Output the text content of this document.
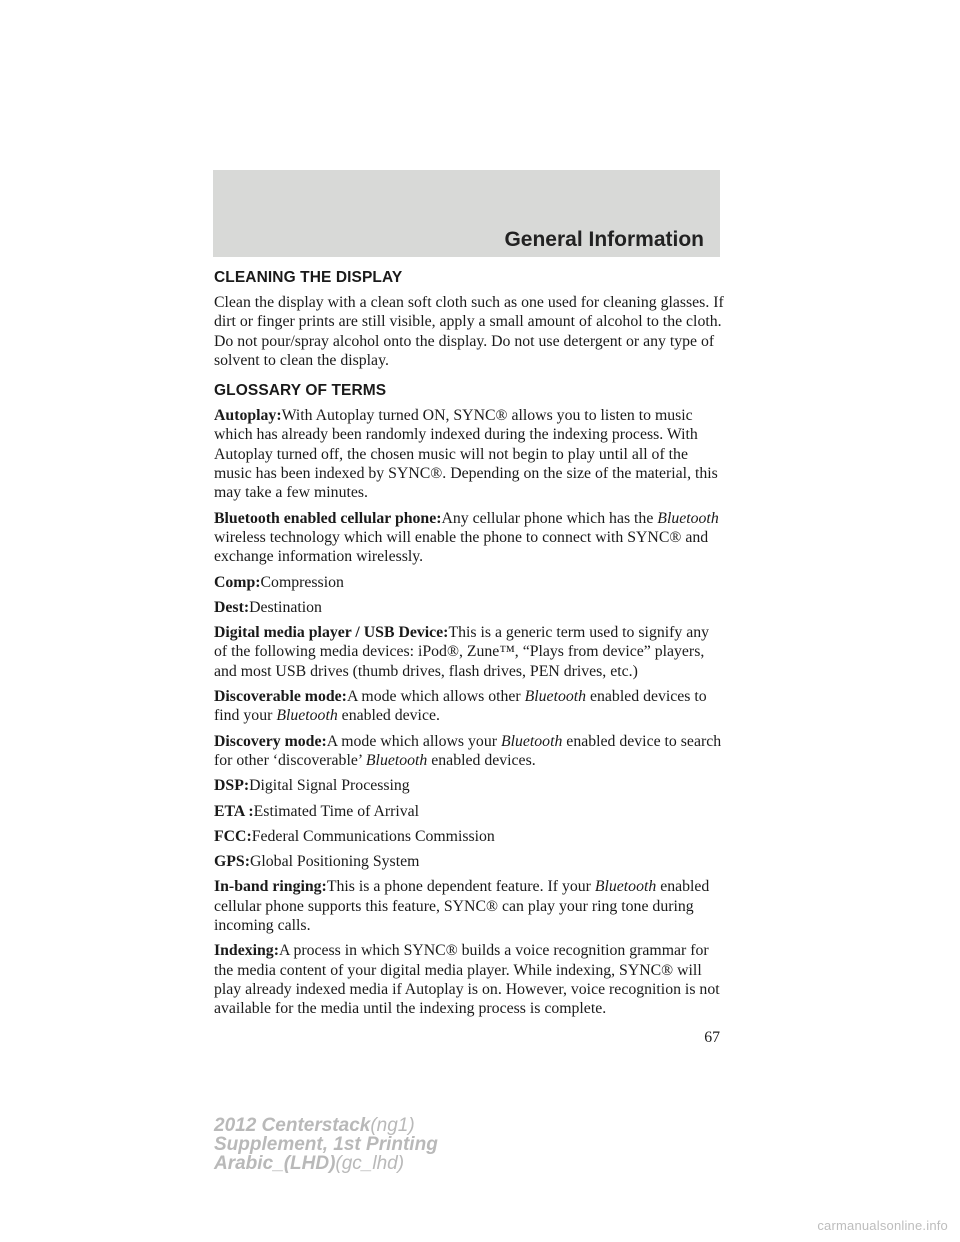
General Information
CLEANING THE DISPLAY

Clean the display with a clean soft cloth such as one used for cleaning glasses. If dirt or finger prints are still visible, apply a small amount of alcohol to the cloth. Do not pour/spray alcohol onto the display. Do not use detergent or any type of solvent to clean the display.

GLOSSARY OF TERMS

Autoplay:With Autoplay turned ON, SYNC® allows you to listen to music which has already been randomly indexed during the indexing process. With Autoplay turned off, the chosen music will not begin to play until all of the music has been indexed by SYNC®. Depending on the size of the material, this may take a few minutes.

Bluetooth enabled cellular phone:Any cellular phone which has the Bluetooth wireless technology which will enable the phone to connect with SYNC® and exchange information wirelessly.

Comp:Compression

Dest:Destination

Digital media player / USB Device:This is a generic term used to signify any of the following media devices: iPod®, Zune™, “Plays from device” players, and most USB drives (thumb drives, flash drives, PEN drives, etc.)

Discoverable mode:A mode which allows other Bluetooth enabled devices to find your Bluetooth enabled device.

Discovery mode:A mode which allows your Bluetooth enabled device to search for other ‘discoverable’ Bluetooth enabled devices.

DSP:Digital Signal Processing

ETA :Estimated Time of Arrival

FCC:Federal Communications Commission

GPS:Global Positioning System

In-band ringing:This is a phone dependent feature. If your Bluetooth enabled cellular phone supports this feature, SYNC® can play your ring tone during incoming calls.

Indexing:A process in which SYNC® builds a voice recognition grammar for the media content of your digital media player. While indexing, SYNC® will play already indexed media if Autoplay is on. However, voice recognition is not available for the media until the indexing process is complete.

67
2012 Centerstack(ng1)
Supplement, 1st Printing
Arabic_(LHD)(gc_lhd)
carmanualsonline.info
